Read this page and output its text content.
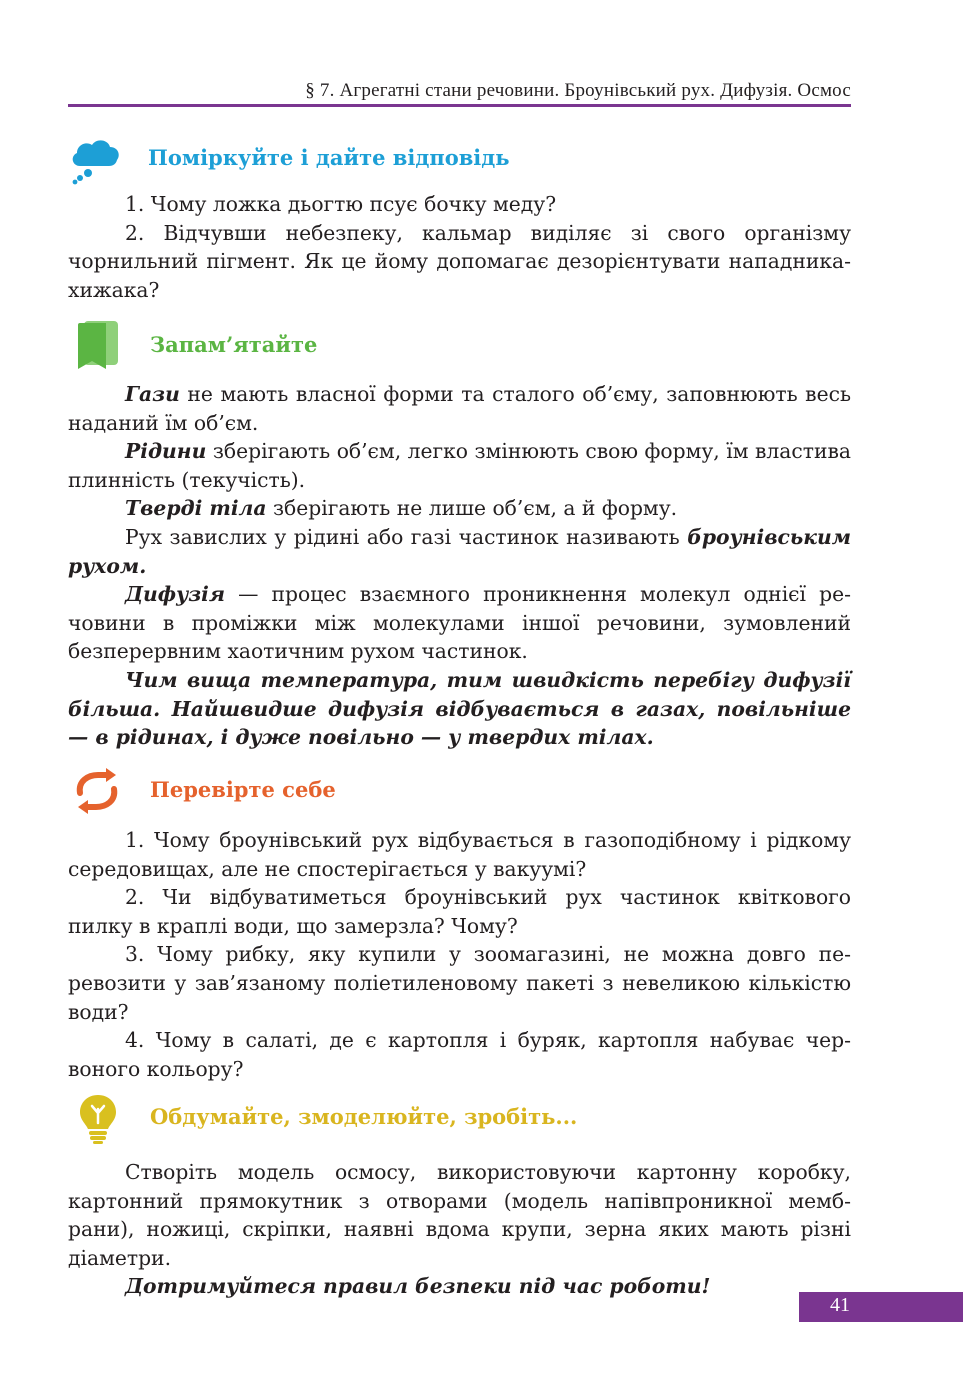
§ 7. Агрегатні стани речовини. Броунівський рух. Дифузія. Осмос
Поміркуйте і дайте відповідь

1. Чому ложка дьогтю псує бочку меду?

2. Відчувши небезпеку, кальмар виділяє зі свого організму чорнильний пігмент. Як це йому допомагає дезорієнтувати нападника-хижака?

Запам’ятайте

Гази не мають власної форми та сталого об’єму, заповнюють весь наданий їм об’єм.

Рідини зберігають об’єм, легко змінюють свою форму, їм властива плинність (текучість).

Тверді тіла зберігають не лише об’єм, а й форму.

Рух завислих у рідині або газі частинок називають броунівським рухом.

Дифузія — процес взаємного проникнення молекул однієї речовини в проміжки між молекулами іншої речовини, зумовлений безперервним хаотичним рухом частинок.

Чим вища температура, тим швидкість перебігу дифузії більша. Найшвидше дифузія відбувається в газах, повільніше — в рідинах, і дуже повільно — у твердих тілах.

Перевірте себе

1. Чому броунівський рух відбувається в газоподібному і рідкому середовищах, але не спостерігається у вакуумі?

2. Чи відбуватиметься броунівський рух частинок квіткового пилку в краплі води, що замерзла? Чому?

3. Чому рибку, яку купили у зоомагазині, не можна довго перевозити у зав’язаному поліетиленовому пакеті з невеликою кількістю води?

4. Чому в салаті, де є картопля і буряк, картопля набуває червоного кольору?

Обдумайте, змоделюйте, зробіть...

Створіть модель осмосу, використовуючи картонну коробку, картонний прямокутник з отворами (модель напівпроникної мембрани), ножиці, скріпки, наявні вдома крупи, зерна яких мають різні діаметри.

Дотримуйтеся правил безпеки під час роботи!

41
